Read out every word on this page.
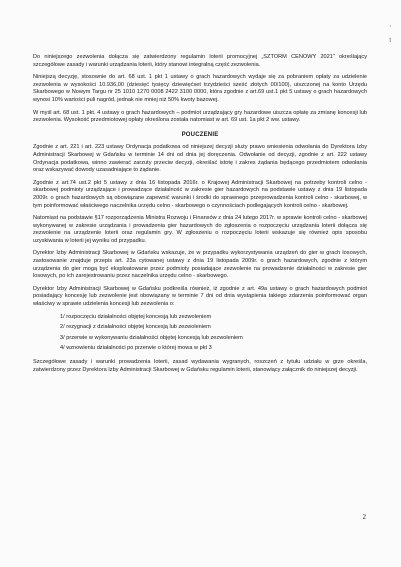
,
t

Do niniejszego zezwolenia dołącza się zatwierdzony regulamin loterii promocyjnej „SZTORM CENOWY 2021” określający szczegółowe zasady i warunki urządzania loterii, który stanowi integralną część zezwolenia.

Niniejszą decyzję, stosownie do art. 68 ust. 1 pkt 1 ustawy o grach hazardowych wydaje się za pobraniem opłaty za udzielenie zezwolenia w wysokości 10.936,00 (dziesięć tysięcy dziewięćset trzydzieści sześć złotych 00/100), uiszczonej na konto Urzędu Skarbowego w Nowym Targu nr 25 1010 1270 0008 2422 3100 0000, która zgodnie z art.69 ust.1 pkt 5 ustawy o grach hazardowych wynosi 10% wartości puli nagród, jednak nie mniej niż 50% kwoty bazowej.

W myśl art. 68 ust. 1 pkt. 4 ustawy o grach hazardowych – podmiot urządzający gry hazardowe uiszcza opłatę za zmianę koncesji lub zezwolenia. Wysokość przedmiotowej opłaty określona została natomiast w art. 69 ust. 1a pkt 2 ww. ustawy.

POUCZENIE

Zgodnie z art. 221 i art. 223 ustawy Ordynacja podatkowa od niniejszej decyzji służy prawo wniesienia odwołania do Dyrektora Izby Administracji Skarbowej w Gdańsku w terminie 14 dni od dnia jej doręczenia. Odwołanie od decyzji, zgodnie z art. 222 ustawy Ordynacja podatkowa, winno zawierać zarzuty przeciw decyzji, określać istotę i zakres żądania będącego przedmiotem odwołania oraz wskazywać dowody uzasadniające to żądanie.

Zgodnie z art.74 ust.2 pkt 5 ustawy z dnia 16 listopada 2016r. o Krajowej Administracji Skarbowej na potrzeby kontroli celno - skarbowej podmioty urządzające i prowadzące działalność w zakresie gier hazardowych na podstawie ustawy z dnia 19 listopada 2009r. o grach hazardowych są obowiązane zapewnić warunki i środki do sprawnego przeprowadzenia kontroli celno - skarbowej, w tym poinformować właściwego naczelnika urzędu celno - skarbowego o czynnościach podlegających kontroli celno - skarbowej.

Natomiast na podstawie §17 rozporządzenia Ministra Rozwoju i Finansów z dnia 24 lutego 2017r. w sprawie kontroli celno - skarbowej wykonywanej w zakresie urządzania i prowadzenia gier hazardowych do zgłoszenia o rozpoczęciu urządzania loterii dołącza się zezwolenie na urządzenie loterii oraz regulamin gry. W zgłoszeniu o rozpoczęciu loterii wskazuje się również opis sposobu uzyskiwania w loterii jej wyniku od przypadku.

Dyrektor Izby Administracji Skarbowej w Gdańsku wskazuje, że w przypadku wykorzystywania urządzeń do gier w grach losowych, zastosowanie znajduje przepis art. 23a cytowanej ustawy z dnia 19 listopada 2009r. o grach hazardowych, zgodnie z którym urządzenia do gier mogą być eksploatowane przez podmioty posiadające zezwolenie na prowadzenie działalności w zakresie gier losowych, po ich zarejestrowaniu przez naczelnika urzędu celno - skarbowego.

Dyrektor Izby Administracji Skarbowej w Gdańsku podkreśla również, iż zgodnie z art. 49a ustawy o grach hazardowych podmiot posiadający koncesję lub zezwolenie jest obowiązany w terminie 7 dni od dnia wystąpienia takiego zdarzenia poinformować organ właściwy w sprawie udzielenia koncesji lub zezwolenia o:

1/ rozpoczęciu działalności objętej koncesją lub zezwoleniem
2/ rezygnacji z działalności objętej koncesją lub zezwoleniem
3/ przerwie w wykonywaniu działalności objętej koncesją lub zezwoleniem
4/ wznowieniu działalności po przerwie o której mowa w pkt 3

Szczegółowe zasady i warunki prowadzenia loterii, zasad wydawania wygranych, roszczeń z tytułu udziału w grze określa, zatwierdzony przez Dyrektora Izby Administracji Skarbowej w Gdańsku regulamin loterii, stanowiący załącznik do niniejszej decyzji.

2
